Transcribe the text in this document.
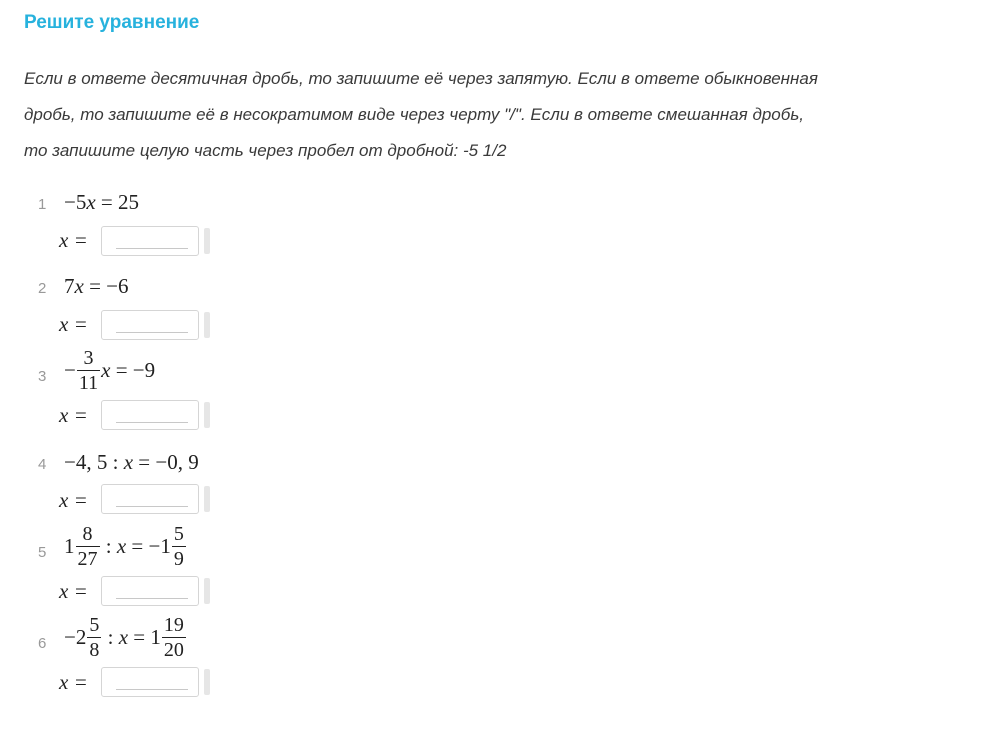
Решите уравнение
Если в ответе десятичная дробь, то запишите её через запятую. Если в ответе обыкновенная
дробь, то запишите её в несократимом виде через черту "/". Если в ответе смешанная дробь,
то запишите целую часть через пробел от дробной: -5 1/2
1 −5 x = 25
x =
2 7 x = −6
x =
$3 - \frac{3}{11}$ x = −9
x =
4 −4, 5 : x = −0, 9
x =
5 $1 \frac{8}{27}$ : $x = -1 \frac{5}{9}$
x =
$6 -2 \frac{5}{8}$ : $x = 1 \frac{19}{20}$
x =
